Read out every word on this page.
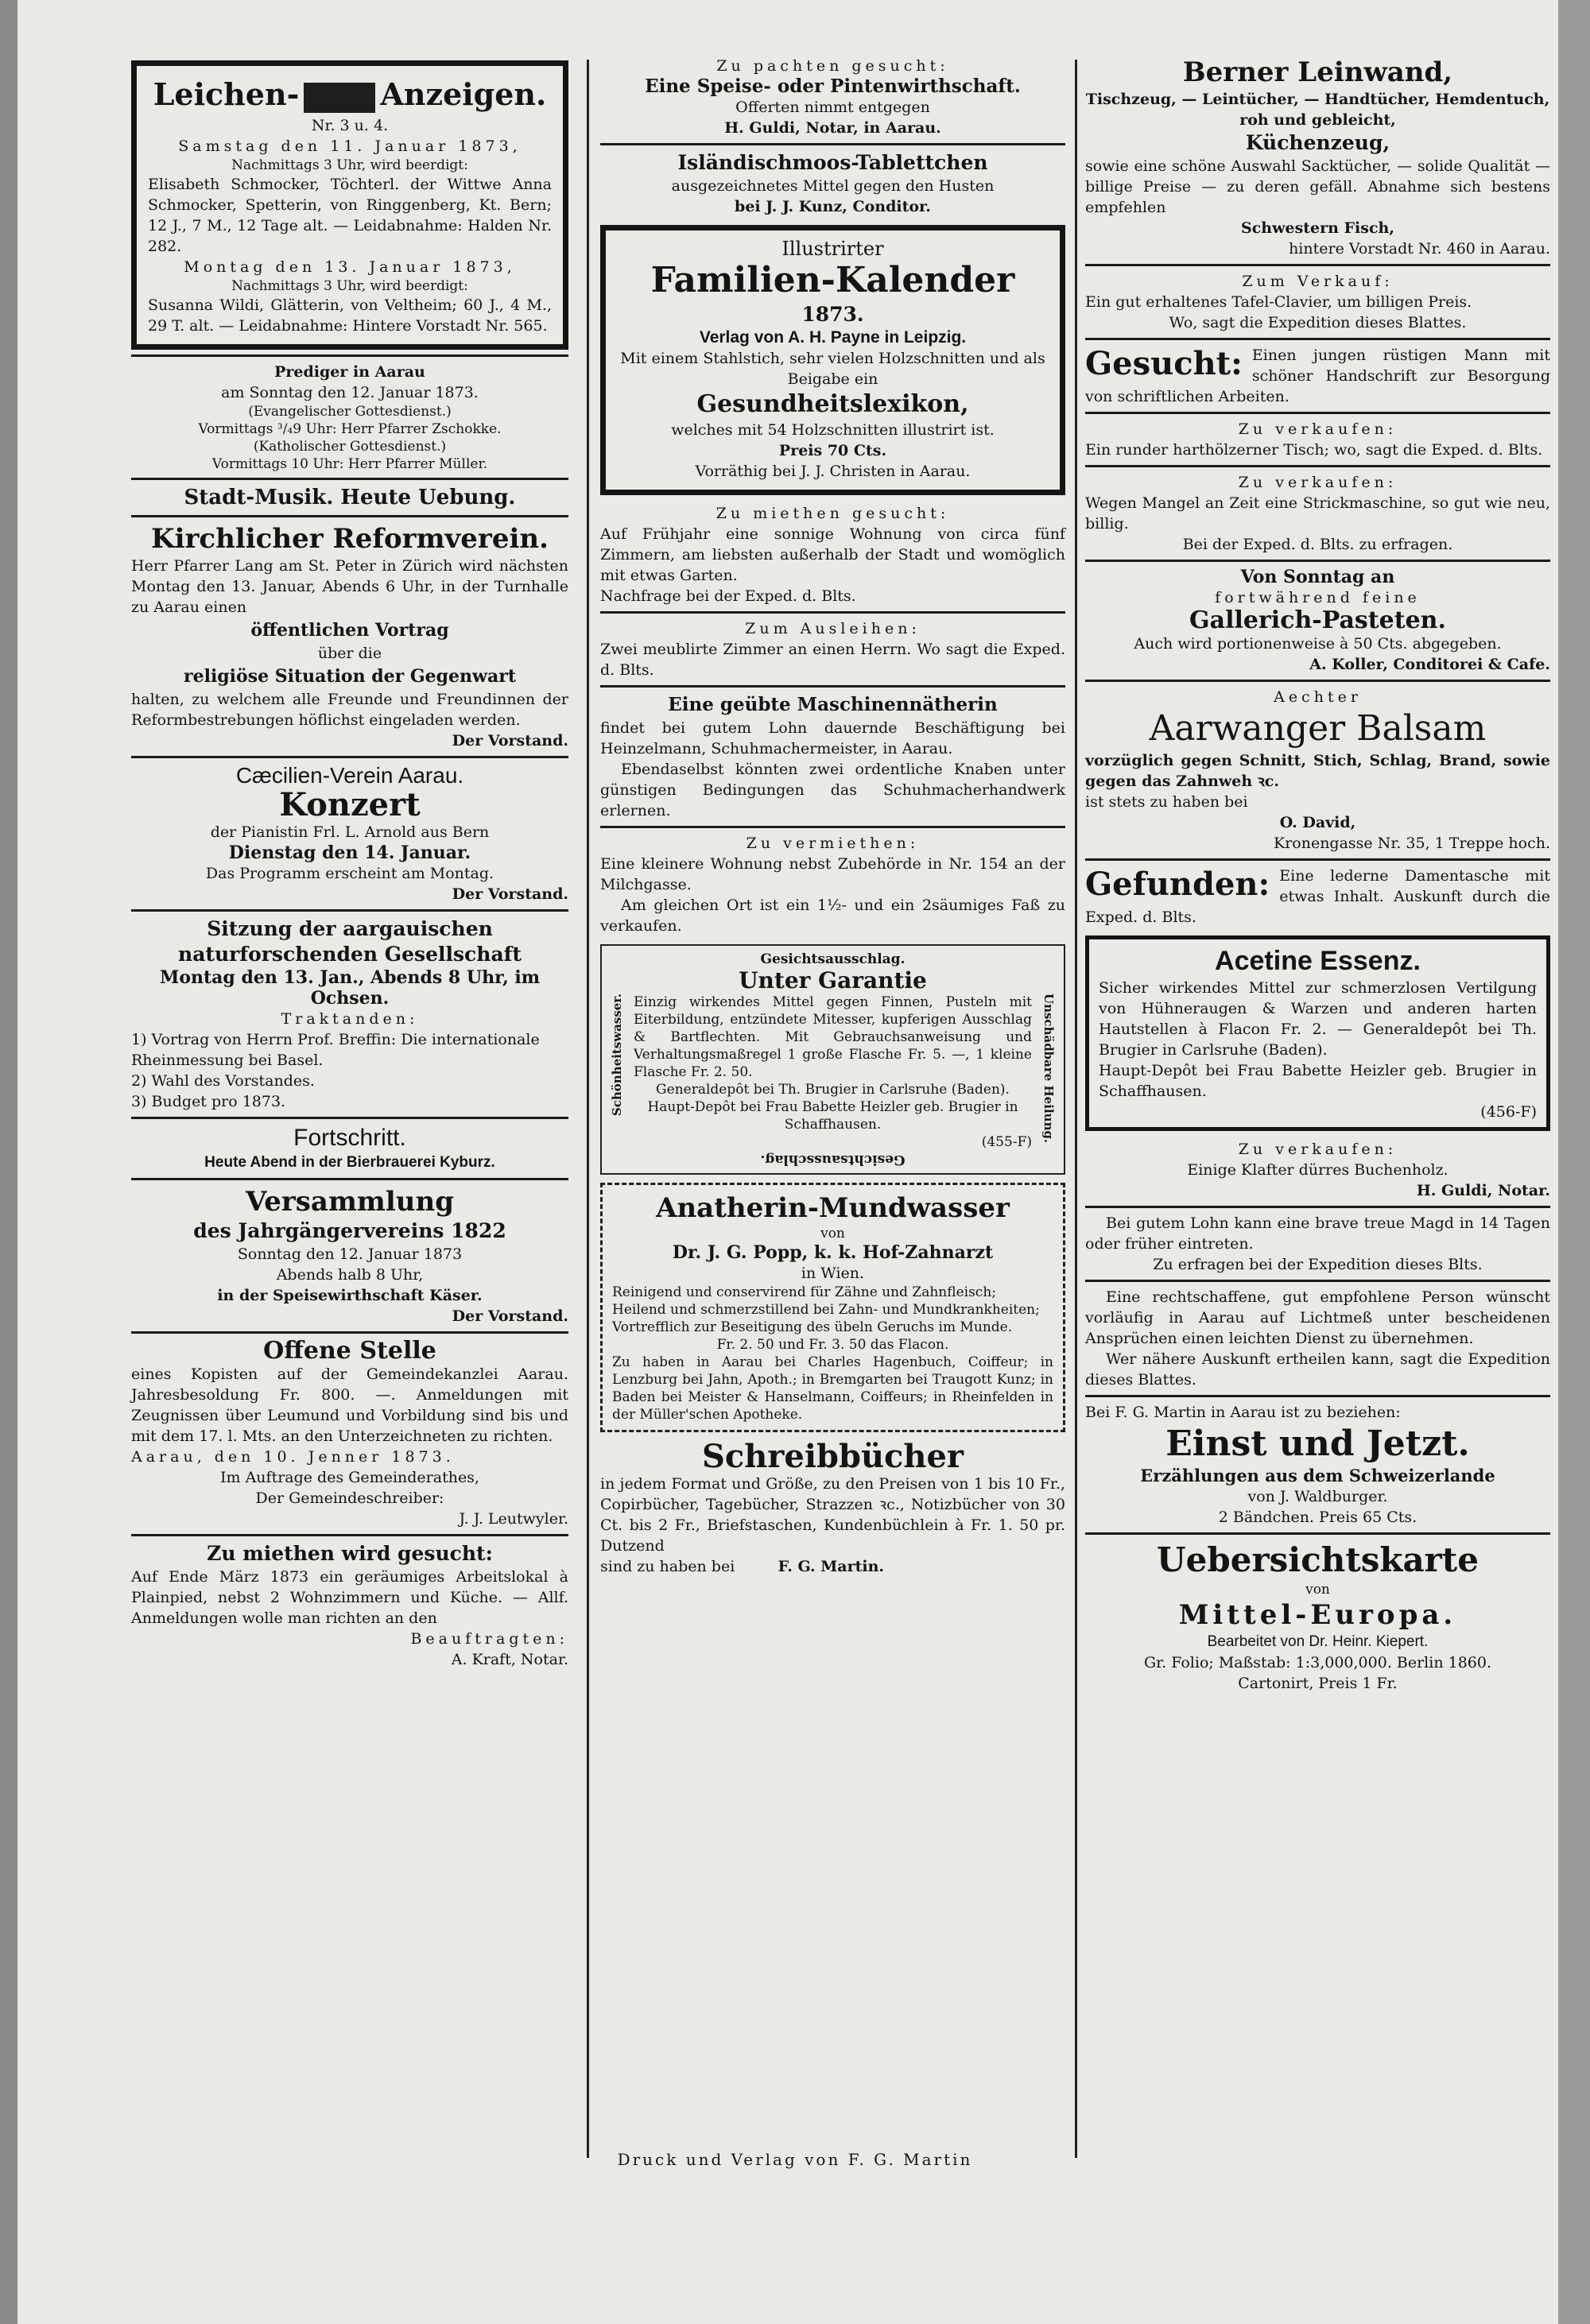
Leichen-	Anzeigen.

Nr. 3 u. 4.

Samstag den 11. Januar 1873,

Nachmittags 3 Uhr, wird beerdigt:

Elisabeth Schmocker, Töchterl. der Wittwe Anna Schmocker, Spetterin, von Ringgenberg, Kt. Bern; 12 J., 7 M., 12 Tage alt. — Leidabnahme: Halden Nr. 282.

Montag den 13. Januar 1873,

Nachmittags 3 Uhr, wird beerdigt:

Susanna Wildi, Glätterin, von Veltheim; 60 J., 4 M., 29 T. alt. — Leidabnahme: Hintere Vorstadt Nr. 565.

Prediger in Aarau

am Sonntag den 12. Januar 1873.

(Evangelischer Gottesdienst.)

Vormittags ³/₄9 Uhr: Herr Pfarrer Zschokke.

(Katholischer Gottesdienst.)

Vormittags 10 Uhr: Herr Pfarrer Müller.

Stadt-Musik. Heute Uebung.

Kirchlicher Reformverein.

Herr Pfarrer Lang am St. Peter in Zürich wird nächsten Montag den 13. Januar, Abends 6 Uhr, in der Turnhalle zu Aarau einen

öffentlichen Vortrag

über die

religiöse Situation der Gegenwart

halten, zu welchem alle Freunde und Freundinnen der Reformbestrebungen höflichst eingeladen werden.

Der Vorstand.

Cæcilien-Verein Aarau.

Konzert

der Pianistin Frl. L. Arnold aus Bern

Dienstag den 14. Januar.

Das Programm erscheint am Montag.

Der Vorstand.

Sitzung der aargauischen naturforschenden Gesellschaft

Montag den 13. Jan., Abends 8 Uhr, im Ochsen.

Traktanden:

1) Vortrag von Herrn Prof. Breffin: Die internationale Rheinmessung bei Basel.

2) Wahl des Vorstandes.

3) Budget pro 1873.

Fortschritt.

Heute Abend in der Bierbrauerei Kyburz.

Versammlung

des Jahrgängervereins 1822

Sonntag den 12. Januar 1873

Abends halb 8 Uhr,

in der Speisewirthschaft Käser.

Der Vorstand.

Offene Stelle

eines Kopisten auf der Gemeindekanzlei Aarau. Jahresbesoldung Fr. 800. —. Anmeldungen mit Zeugnissen über Leumund und Vorbildung sind bis und mit dem 17. l. Mts. an den Unterzeichneten zu richten.

Aarau, den 10. Jenner 1873.

Im Auftrage des Gemeinderathes,

Der Gemeindeschreiber:

J. J. Leutwyler.

Zu miethen wird gesucht:

Auf Ende März 1873 ein geräumiges Arbeitslokal à Plainpied, nebst 2 Wohnzimmern und Küche. — Allf. Anmeldungen wolle man richten an den

Beauftragten:

A. Kraft, Notar.

Zu pachten gesucht:

Eine Speise- oder Pintenwirthschaft.

Offerten nimmt entgegen

H. Guldi, Notar, in Aarau.

Isländischmoos-Tablettchen

ausgezeichnetes Mittel gegen den Husten

bei J. J. Kunz, Conditor.

Illustrirter

Familien-Kalender

1873.

Verlag von A. H. Payne in Leipzig.

Mit einem Stahlstich, sehr vielen Holzschnitten und als Beigabe ein

Gesundheitslexikon,

welches mit 54 Holzschnitten illustrirt ist.

Preis 70 Cts.

Vorräthig bei J. J. Christen in Aarau.

Zu miethen gesucht:

Auf Frühjahr eine sonnige Wohnung von circa fünf Zimmern, am liebsten außerhalb der Stadt und womöglich mit etwas Garten.

Nachfrage bei der Exped. d. Blts.

Zum Ausleihen:

Zwei meublirte Zimmer an einen Herrn. Wo sagt die Exped. d. Blts.

Eine geübte Maschinennätherin

findet bei gutem Lohn dauernde Beschäftigung bei Heinzelmann, Schuhmachermeister, in Aarau.

Ebendaselbst könnten zwei ordentliche Knaben unter günstigen Bedingungen das Schuhmacherhandwerk erlernen.

Zu vermiethen:

Eine kleinere Wohnung nebst Zubehörde in Nr. 154 an der Milchgasse.

Am gleichen Ort ist ein 1½- und ein 2säumiges Faß zu verkaufen.

Gesichtsausschlag.

Unter Garantie

Einzig wirkendes Mittel gegen Finnen, Pusteln mit Eiterbildung, entzündete Mitesser, kupferigen Ausschlag & Bartflechten. Mit Gebrauchsanweisung und Verhaltungsmaßregel 1 große Flasche Fr. 5. —, 1 kleine Flasche Fr. 2. 50.

Generaldepôt bei Th. Brugier in Carlsruhe (Baden).

Haupt-Depôt bei Frau Babette Heizler geb. Brugier in Schaffhausen.

(455-F)

Gesichtsausschlag.

Schönheitswasser.	Unschädbare Heilung.

Anatherin-Mundwasser

von

Dr. J. G. Popp, k. k. Hof-Zahnarzt

in Wien.

Reinigend und conservirend für Zähne und Zahnfleisch;

Heilend und schmerzstillend bei Zahn- und Mundkrankheiten;

Vortrefflich zur Beseitigung des übeln Geruchs im Munde.

Fr. 2. 50 und Fr. 3. 50 das Flacon.

Zu haben in Aarau bei Charles Hagenbuch, Coiffeur; in Lenzburg bei Jahn, Apoth.; in Bremgarten bei Traugott Kunz; in Baden bei Meister & Hanselmann, Coiffeurs; in Rheinfelden in der Müller'schen Apotheke.

Schreibbücher

in jedem Format und Größe, zu den Preisen von 1 bis 10 Fr., Copirbücher, Tagebücher, Strazzen ꝛc., Notizbücher von 30 Ct. bis 2 Fr., Briefstaschen, Kundenbüchlein à Fr. 1. 50 pr. Dutzend

sind zu haben bei	F. G. Martin.

Berner Leinwand,

Tischzeug, — Leintücher, — Handtücher, Hemdentuch, roh und gebleicht,

Küchenzeug,

sowie eine schöne Auswahl Sacktücher, — solide Qualität — billige Preise — zu deren gefäll. Abnahme sich bestens empfehlen

Schwestern Fisch,

hintere Vorstadt Nr. 460 in Aarau.

Zum Verkauf:

Ein gut erhaltenes Tafel-Clavier, um billigen Preis.

Wo, sagt die Expedition dieses Blattes.

Gesucht: Einen jungen rüstigen Mann mit schöner Handschrift zur Besorgung von schriftlichen Arbeiten.

Zu verkaufen:

Ein runder harthölzerner Tisch; wo, sagt die Exped. d. Blts.

Zu verkaufen:

Wegen Mangel an Zeit eine Strickmaschine, so gut wie neu, billig.

Bei der Exped. d. Blts. zu erfragen.

Von Sonntag an

fortwährend feine

Gallerich-Pasteten.

Auch wird portionenweise à 50 Cts. abgegeben.

A. Koller, Conditorei & Cafe.

Aechter

Aarwanger Balsam

vorzüglich gegen Schnitt, Stich, Schlag, Brand, sowie gegen das Zahnweh ꝛc.

ist stets zu haben bei

O. David,

Kronengasse Nr. 35, 1 Treppe hoch.

Gefunden: Eine lederne Damentasche mit etwas Inhalt. Auskunft durch die Exped. d. Blts.

Acetine Essenz.

Sicher wirkendes Mittel zur schmerzlosen Vertilgung von Hühneraugen & Warzen und anderen harten Hautstellen à Flacon Fr. 2. — Generaldepôt bei Th. Brugier in Carlsruhe (Baden).

Haupt-Depôt bei Frau Babette Heizler geb. Brugier in Schaffhausen.

(456-F)

Zu verkaufen:

Einige Klafter dürres Buchenholz.

H. Guldi, Notar.

Bei gutem Lohn kann eine brave treue Magd in 14 Tagen oder früher eintreten.

Zu erfragen bei der Expedition dieses Blts.

Eine rechtschaffene, gut empfohlene Person wünscht vorläufig in Aarau auf Lichtmeß unter bescheidenen Ansprüchen einen leichten Dienst zu übernehmen.

Wer nähere Auskunft ertheilen kann, sagt die Expedition dieses Blattes.

Bei F. G. Martin in Aarau ist zu beziehen:

Einst und Jetzt.

Erzählungen aus dem Schweizerlande

von J. Waldburger.

2 Bändchen. Preis 65 Cts.

Uebersichtskarte

von

Mittel-Europa.

Bearbeitet von Dr. Heinr. Kiepert.

Gr. Folio; Maßstab: 1:3,000,000. Berlin 1860.

Cartonirt, Preis 1 Fr.

Druck und Verlag von F. G. Martin
